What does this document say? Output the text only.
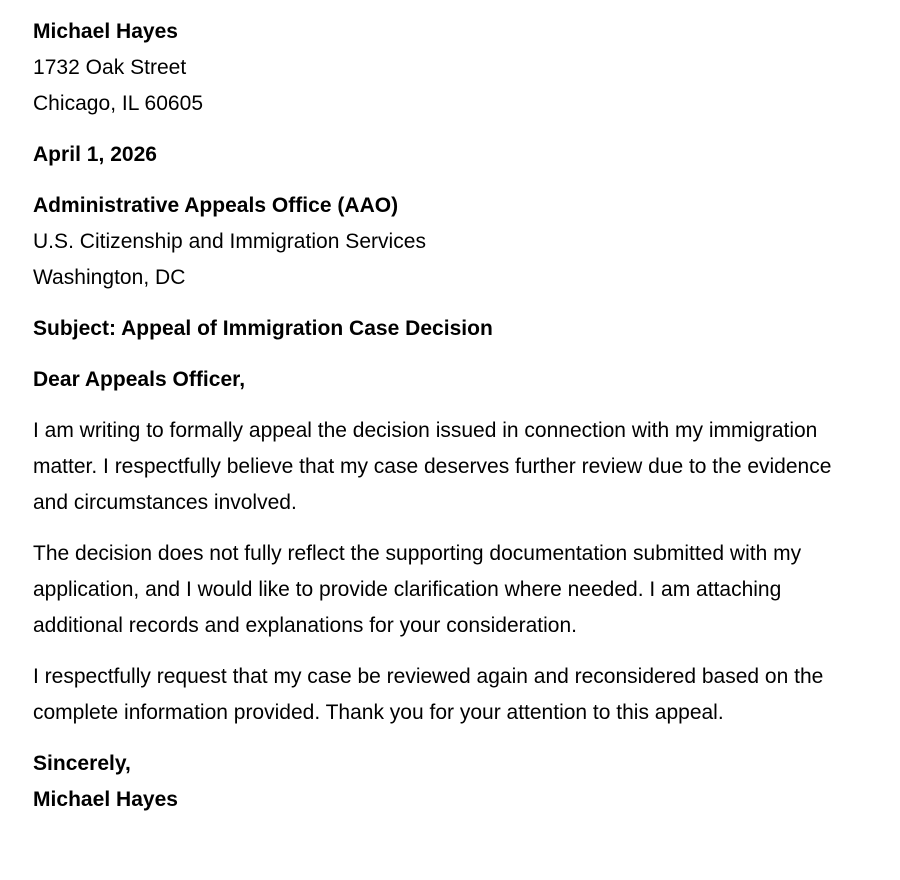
Michael Hayes
1732 Oak Street
Chicago, IL 60605
April 1, 2026
Administrative Appeals Office (AAO)
U.S. Citizenship and Immigration Services
Washington, DC
Subject: Appeal of Immigration Case Decision
Dear Appeals Officer,
I am writing to formally appeal the decision issued in connection with my immigration matter. I respectfully believe that my case deserves further review due to the evidence and circumstances involved.
The decision does not fully reflect the supporting documentation submitted with my application, and I would like to provide clarification where needed. I am attaching additional records and explanations for your consideration.
I respectfully request that my case be reviewed again and reconsidered based on the complete information provided. Thank you for your attention to this appeal.
Sincerely,
Michael Hayes
